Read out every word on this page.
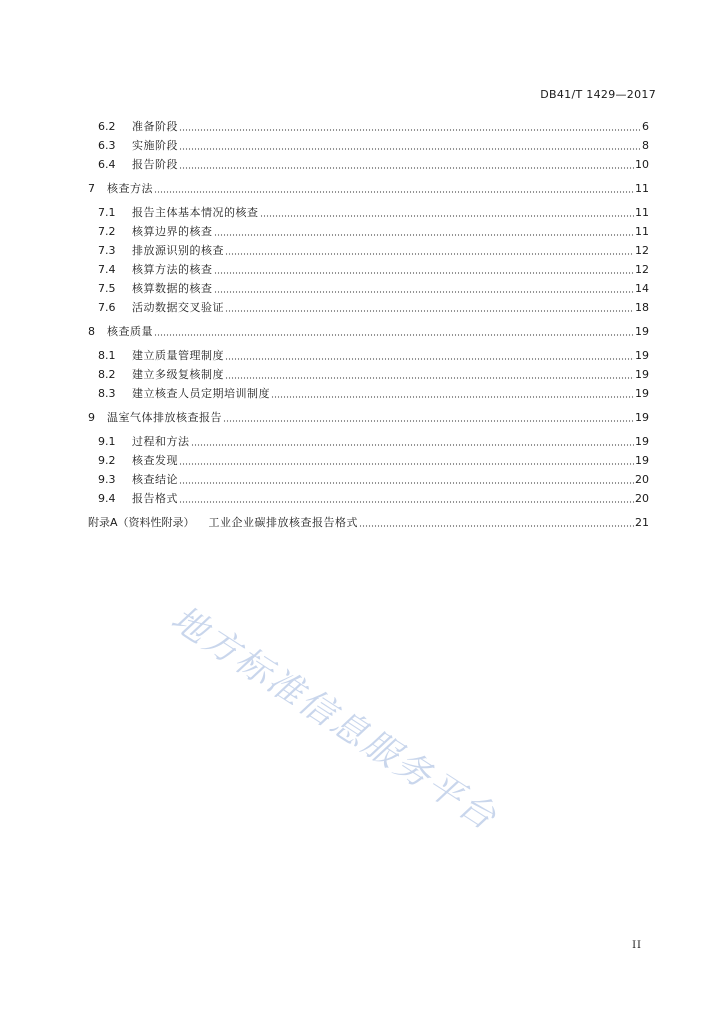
DB41/T 1429—2017
6.2	准备阶段	6
6.3	实施阶段	8
6.4	报告阶段	10
7	核查方法	11
7.1	报告主体基本情况的核查	11
7.2	核算边界的核查	11
7.3	排放源识别的核查	12
7.4	核算方法的核查	12
7.5	核算数据的核查	14
7.6	活动数据交叉验证	18
8	核查质量	19
8.1	建立质量管理制度	19
8.2	建立多级复核制度	19
8.3	建立核查人员定期培训制度	19
9	温室气体排放核查报告	19
9.1	过程和方法	19
9.2	核查发现	19
9.3	核查结论	20
9.4	报告格式	20
附录A（资料性附录） 工业企业碳排放核查报告格式	21
地方标准信息服务平台
II
